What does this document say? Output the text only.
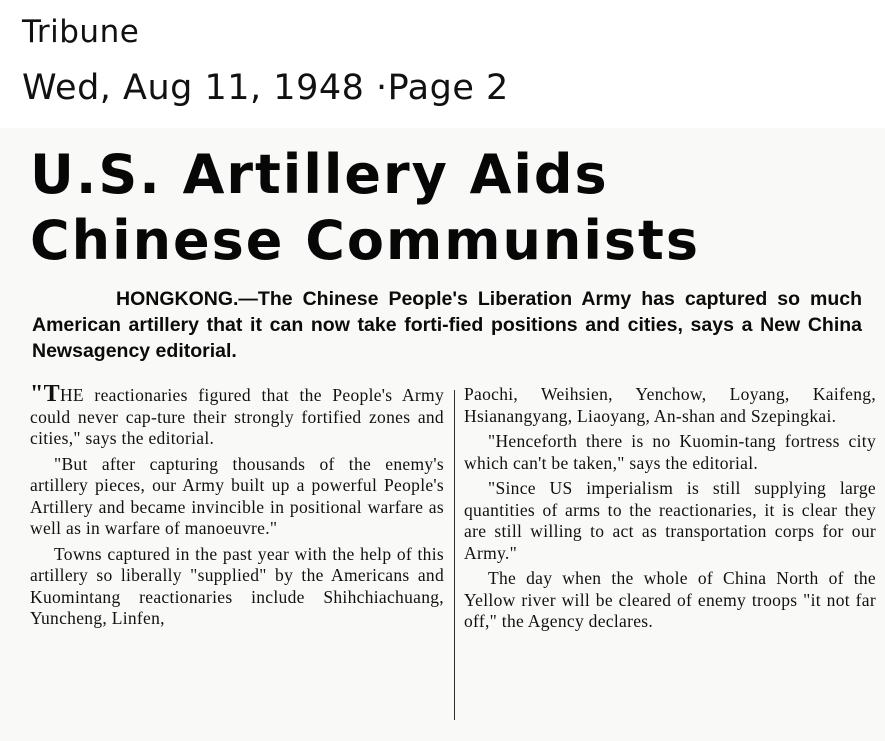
Tribune
Wed, Aug 11, 1948 ·Page 2
U.S. Artillery Aids
Chinese Communists
HONGKONG.—The Chinese People's Liberation Army has captured so much American artillery that it can now take forti-fied positions and cities, says a New China Newsagency editorial.

"THE reactionaries figured that the People's Army could never cap-ture their strongly fortified zones and cities," says the editorial.

"But after capturing thousands of the enemy's artillery pieces, our Army built up a powerful People's Artillery and became invincible in positional warfare as well as in warfare of manoeuvre."

Towns captured in the past year with the help of this artillery so liberally "supplied" by the Americans and Kuomintang reactionaries include Shihchiachuang, Yuncheng, Linfen,

Paochi, Weihsien, Yenchow, Loyang, Kaifeng, Hsianangyang, Liaoyang, An-shan and Szepingkai.

"Henceforth there is no Kuomin-tang fortress city which can't be taken," says the editorial.

"Since US imperialism is still supplying large quantities of arms to the reactionaries, it is clear they are still willing to act as transportation corps for our Army."

The day when the whole of China North of the Yellow river will be cleared of enemy troops "it not far off," the Agency declares.
